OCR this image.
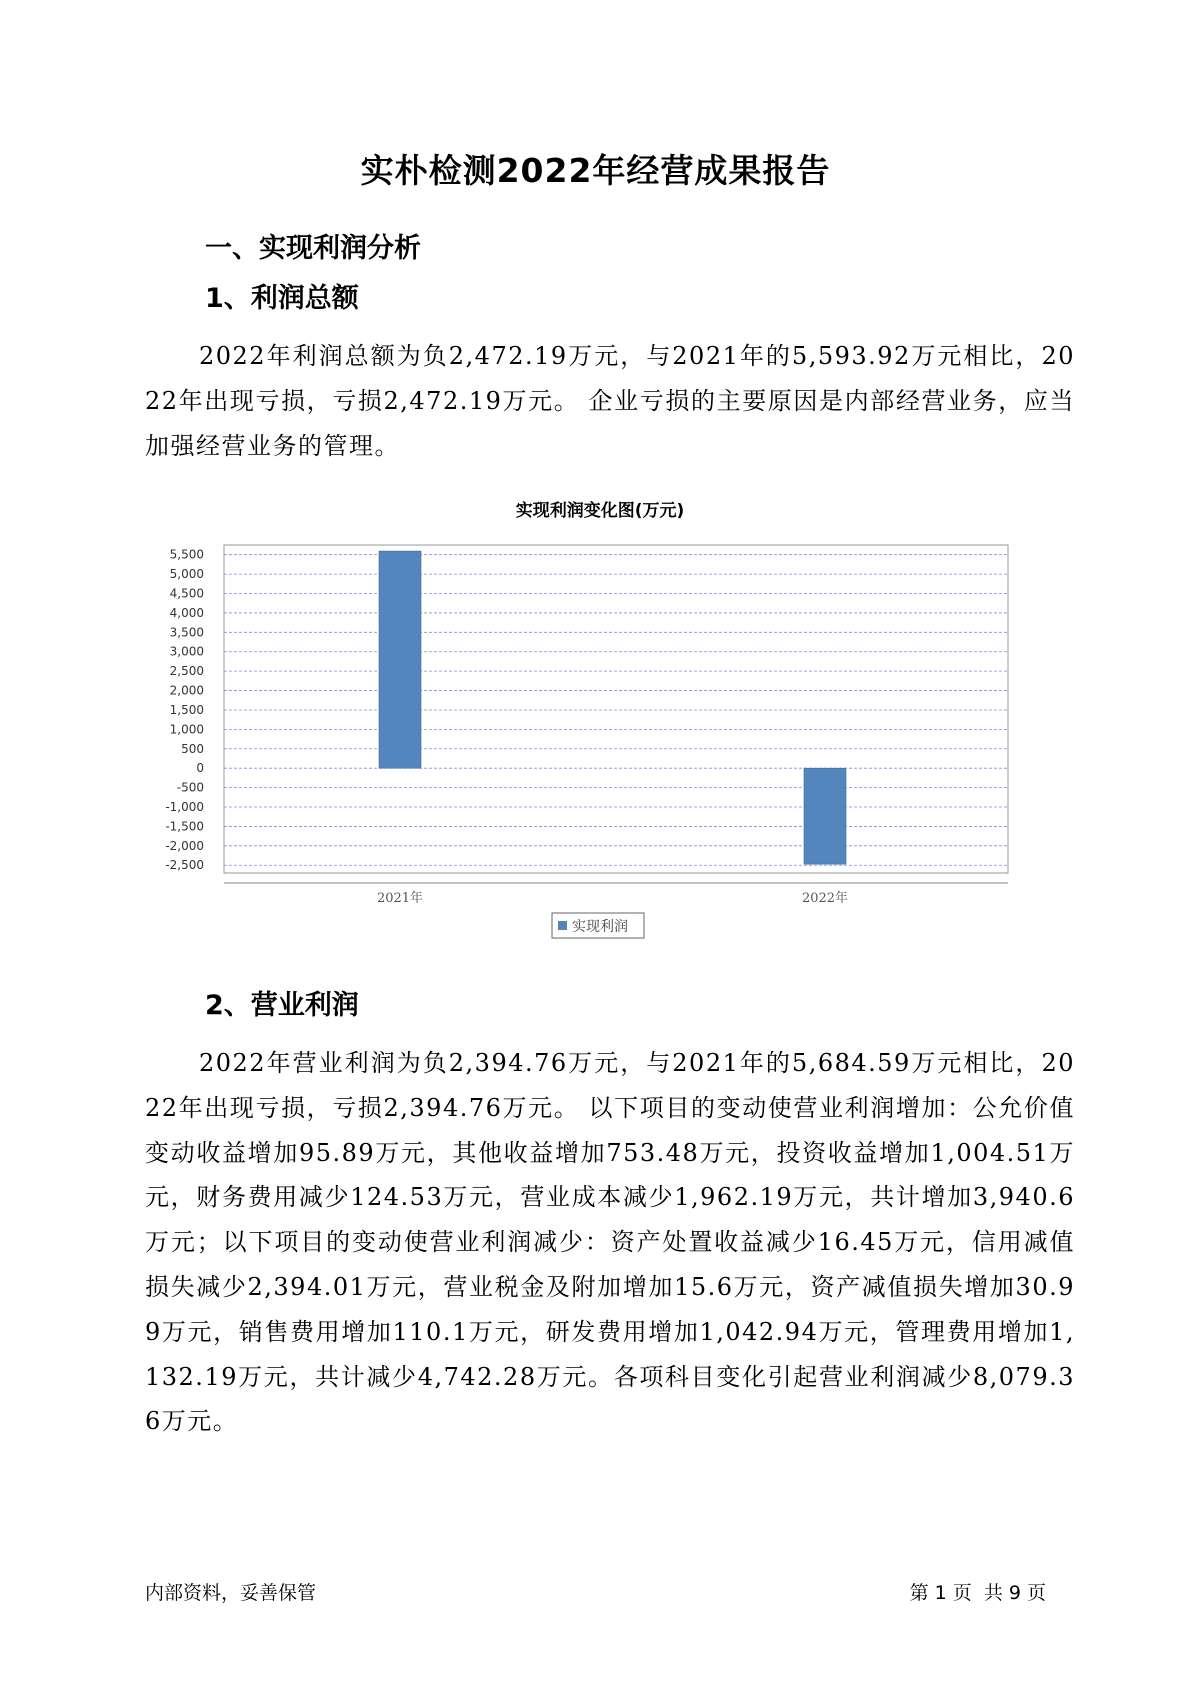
实朴检测2022年经营成果报告
一、实现利润分析
1、利润总额

2022年利润总额为负2,472.19万元，与2021年的5,593.92万元相比，2022年出现亏损，亏损2,472.19万元。 企业亏损的主要原因是内部经营业务，应当加强经营业务的管理。

实现利润变化图(万元)
5,500
5,000
4,500
4,000
3,500
3,000
2,500
2,000
1,500
1,000
500
0
-500
-1,000
-1,500
-2,000
-2,500
2021年	2022年
实现利润
2、营业利润

2022年营业利润为负2,394.76万元，与2021年的5,684.59万元相比，2022年出现亏损，亏损2,394.76万元。 以下项目的变动使营业利润增加：公允价值变动收益增加95.89万元，其他收益增加753.48万元，投资收益增加1,004.51万元，财务费用减少124.53万元，营业成本减少1,962.19万元，共计增加3,940.6万元；以下项目的变动使营业利润减少：资产处置收益减少16.45万元，信用减值损失减少2,394.01万元，营业税金及附加增加15.6万元，资产减值损失增加30.99万元，销售费用增加110.1万元，研发费用增加1,042.94万元，管理费用增加1,132.19万元，共计减少4,742.28万元。各项科目变化引起营业利润减少8,079.36万元。

内部资料，妥善保管	第 1 页  共 9 页
